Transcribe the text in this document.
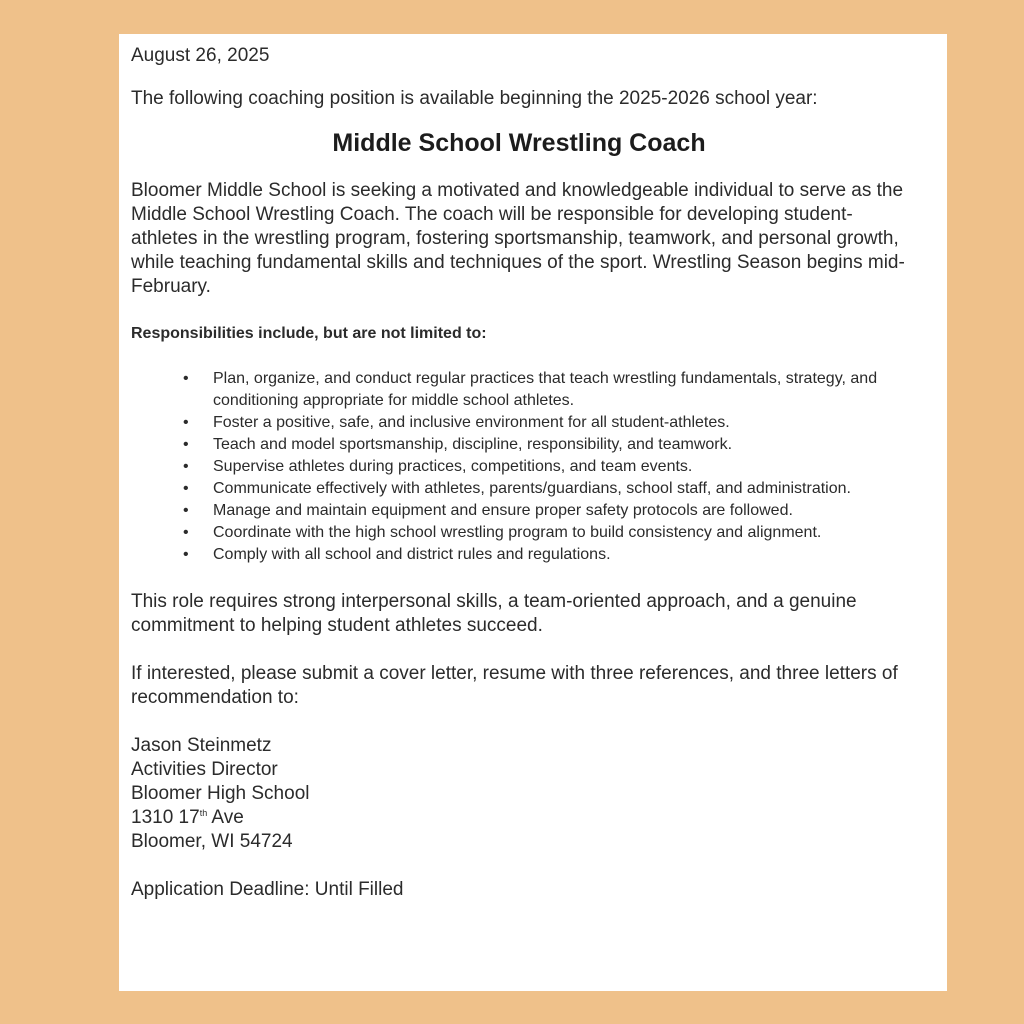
August 26, 2025

The following coaching position is available beginning the 2025-2026 school year:

Middle School Wrestling Coach

Bloomer Middle School is seeking a motivated and knowledgeable individual to serve as the Middle School Wrestling Coach. The coach will be responsible for developing student-athletes in the wrestling program, fostering sportsmanship, teamwork, and personal growth, while teaching fundamental skills and techniques of the sport. Wrestling Season begins mid-February.

Responsibilities include, but are not limited to:

• Plan, organize, and conduct regular practices that teach wrestling fundamentals, strategy, and conditioning appropriate for middle school athletes.
• Foster a positive, safe, and inclusive environment for all student-athletes.
• Teach and model sportsmanship, discipline, responsibility, and teamwork.
• Supervise athletes during practices, competitions, and team events.
• Communicate effectively with athletes, parents/guardians, school staff, and administration.
• Manage and maintain equipment and ensure proper safety protocols are followed.
• Coordinate with the high school wrestling program to build consistency and alignment.
• Comply with all school and district rules and regulations.

This role requires strong interpersonal skills, a team-oriented approach, and a genuine commitment to helping student athletes succeed.

If interested, please submit a cover letter, resume with three references, and three letters of recommendation to:

Jason Steinmetz
Activities Director
Bloomer High School
1310 17th Ave
Bloomer, WI 54724

Application Deadline: Until Filled
